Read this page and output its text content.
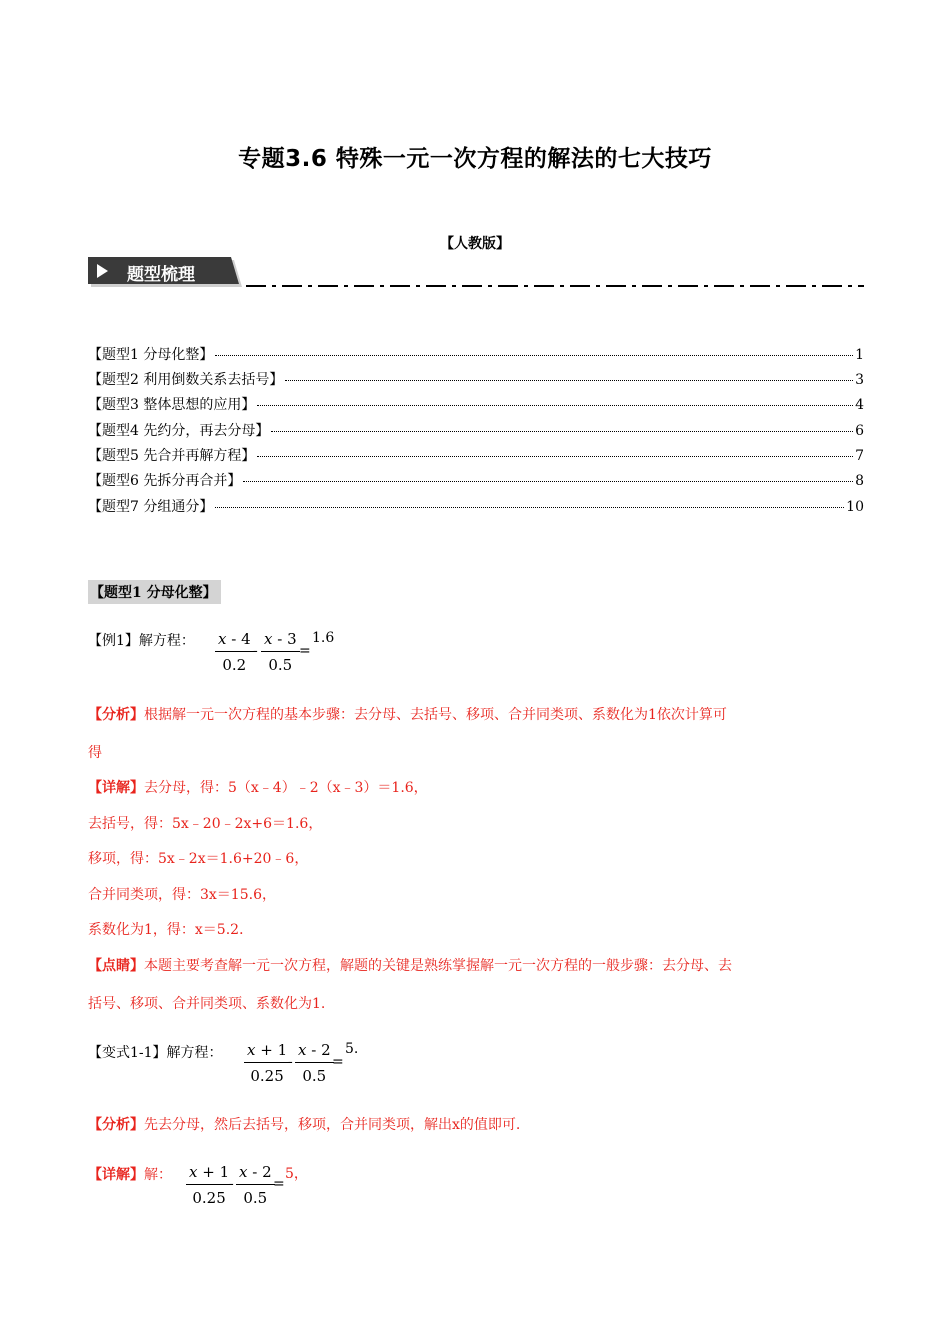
专题3.6 特殊一元一次方程的解法的七大技巧
【人教版】
题型梳理
【题型1 分母化整】	1
【题型2 利用倒数关系去括号】	3
【题型3 整体思想的应用】	4
【题型4 先约分，再去分母】	6
【题型5 先合并再解方程】	7
【题型6 先拆分再合并】	8
【题型7 分组通分】	10
【题型1 分母化整】
【例1】解方程： $\frac{x - 4}{0.2} - \frac{x - 3}{0.5}$ =
1.6
【分析】根据解一元一次方程的基本步骤：去分母、去括号、移项、合并同类项、系数化为1依次计算可
得
【详解】去分母，得：5（x﹣4）﹣2（x﹣3）＝1.6，
去括号，得：5x﹣20﹣2x+6＝1.6，
移项，得：5x﹣2x＝1.6+20﹣6，
合并同类项，得：3x＝15.6，
系数化为1，得：x＝5.2．
【点睛】本题主要考查解一元一次方程，解题的关键是熟练掌握解一元一次方程的一般步骤：去分母、去
括号、移项、合并同类项、系数化为1.
【变式1-1】解方程： $\frac{x + 1}{0.25}$
- $\frac{x - 2}{0.5}$
=
5.
【分析】先去分母，然后去括号，移项，合并同类项，解出x的值即可.
【详解】解： $\frac{x + 1}{0.25}$
- $\frac{x - 2}{0.5}$
=
5，
